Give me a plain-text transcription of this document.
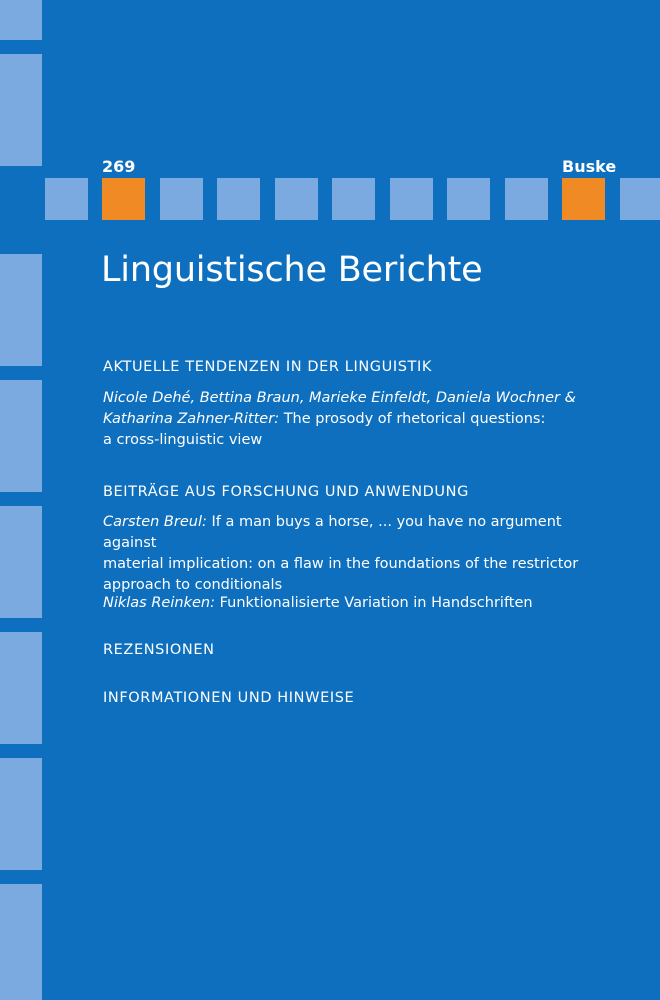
269	Buske
Linguistische Berichte
AKTUELLE TENDENZEN IN DER LINGUISTIK
Nicole Dehé, Bettina Braun, Marieke Einfeldt, Daniela Wochner &
Katharina Zahner-Ritter: The prosody of rhetorical questions:
a cross-linguistic view
BEITRÄGE AUS FORSCHUNG UND ANWENDUNG
Carsten Breul: If a man buys a horse, ... you have no argument against
material implication: on a flaw in the foundations of the restrictor
approach to conditionals
Niklas Reinken: Funktionalisierte Variation in Handschriften
REZENSIONEN
INFORMATIONEN UND HINWEISE
